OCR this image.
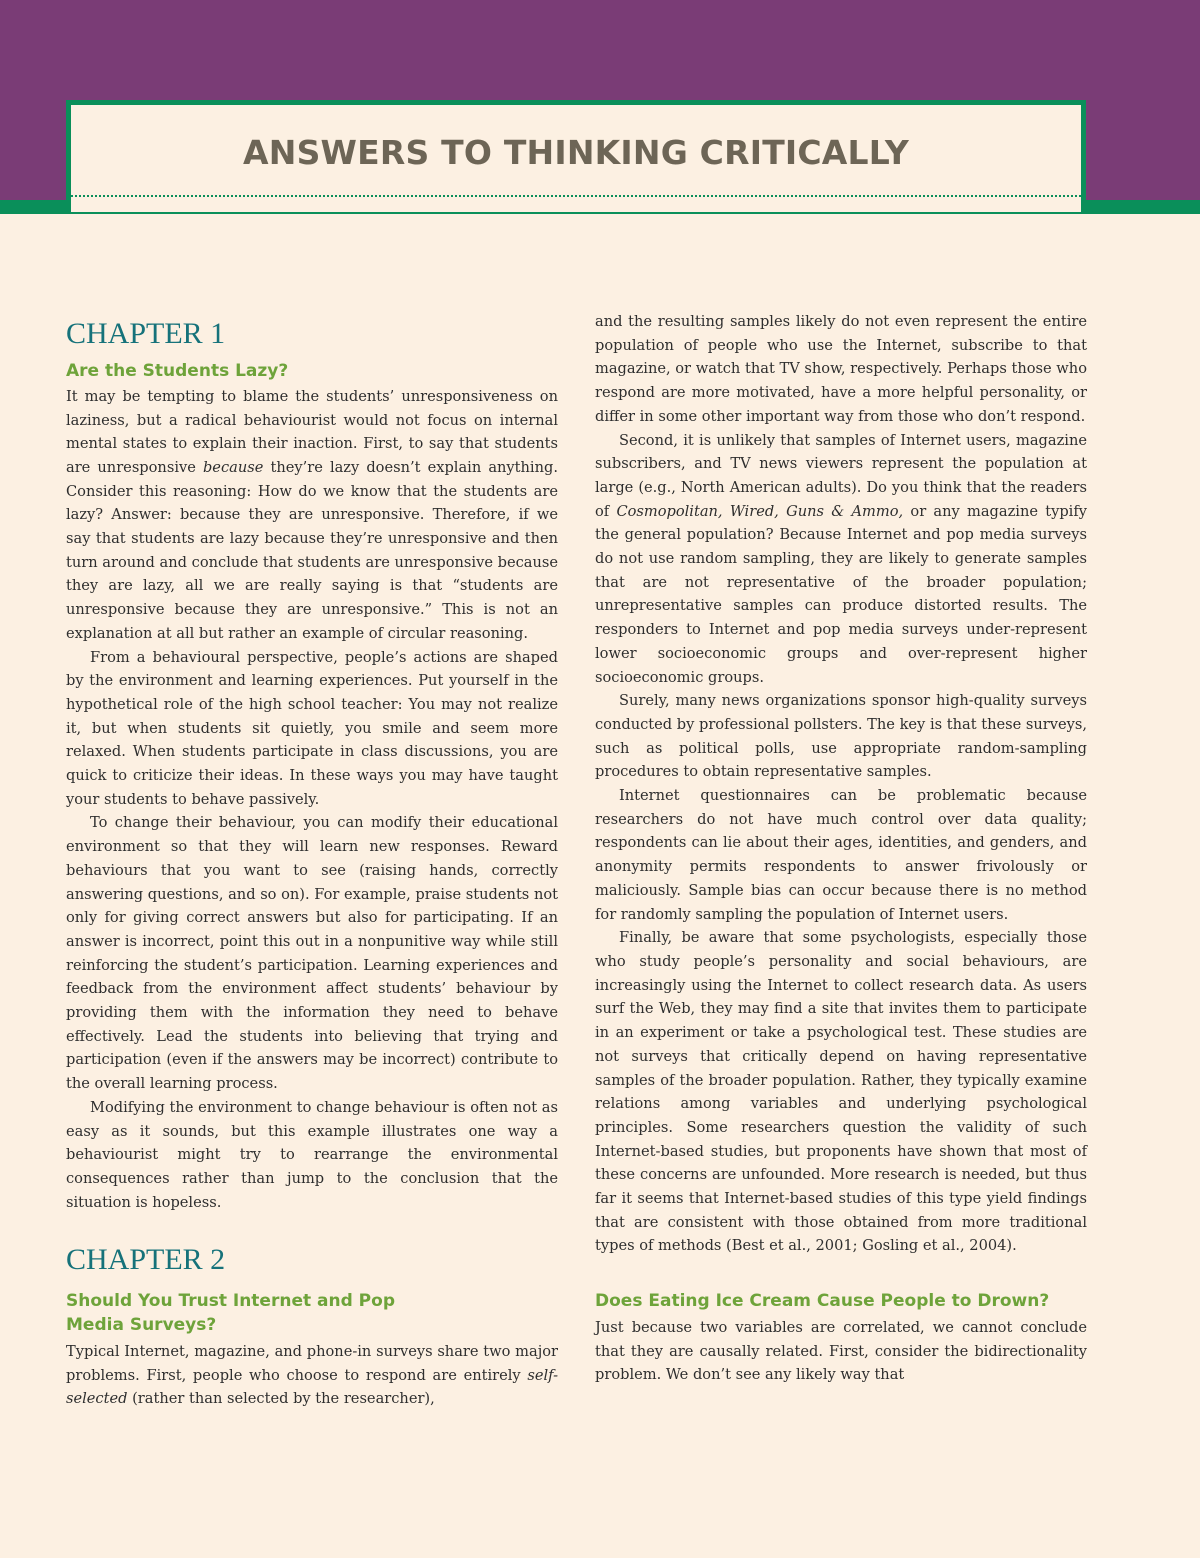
ANSWERS TO THINKING CRITICALLY
CHAPTER 1
Are the Students Lazy?

It may be tempting to blame the students’ unresponsiveness on laziness, but a radical behaviourist would not focus on internal mental states to explain their inaction. First, to say that students are unresponsive because they’re lazy doesn’t explain anything. Consider this reasoning: How do we know that the students are lazy? Answer: because they are unresponsive. Therefore, if we say that students are lazy because they’re unresponsive and then turn around and conclude that students are unresponsive because they are lazy, all we are really saying is that “students are unresponsive because they are unresponsive.” This is not an explanation at all but rather an example of circular reasoning.

From a behavioural perspective, people’s actions are shaped by the environment and learning experiences. Put yourself in the hypothetical role of the high school teacher: You may not realize it, but when students sit quietly, you smile and seem more relaxed. When students participate in class discussions, you are quick to criticize their ideas. In these ways you may have taught your students to behave passively.

To change their behaviour, you can modify their educational environment so that they will learn new responses. Reward behaviours that you want to see (raising hands, correctly answering questions, and so on). For example, praise students not only for giving correct answers but also for participating. If an answer is incorrect, point this out in a nonpunitive way while still reinforcing the student’s participation. Learning experiences and feedback from the environment affect students’ behaviour by providing them with the information they need to behave effectively. Lead the students into believing that trying and participation (even if the answers may be incorrect) contribute to the overall learning process.

Modifying the environment to change behaviour is often not as easy as it sounds, but this example illustrates one way a behaviourist might try to rearrange the environmental consequences rather than jump to the conclusion that the situation is hopeless.

CHAPTER 2
Should You Trust Internet and Pop
Media Surveys?

Typical Internet, magazine, and phone-in surveys share two major problems. First, people who choose to respond are entirely self-selected (rather than selected by the researcher),

and the resulting samples likely do not even represent the entire population of people who use the Internet, subscribe to that magazine, or watch that TV show, respectively. Perhaps those who respond are more motivated, have a more helpful personality, or differ in some other important way from those who don’t respond.

Second, it is unlikely that samples of Internet users, magazine subscribers, and TV news viewers represent the population at large (e.g., North American adults). Do you think that the readers of Cosmopolitan, Wired, Guns & Ammo, or any magazine typify the general population? Because Internet and pop media surveys do not use random sampling, they are likely to generate samples that are not representative of the broader population; unrepresentative samples can produce distorted results. The responders to Internet and pop media surveys under-represent lower socioeconomic groups and over-represent higher socioeconomic groups.

Surely, many news organizations sponsor high-quality surveys conducted by professional pollsters. The key is that these surveys, such as political polls, use appropriate random-sampling procedures to obtain representative samples.

Internet questionnaires can be problematic because researchers do not have much control over data quality; respondents can lie about their ages, identities, and genders, and anonymity permits respondents to answer frivolously or maliciously. Sample bias can occur because there is no method for randomly sampling the population of Internet users.

Finally, be aware that some psychologists, especially those who study people’s personality and social behaviours, are increasingly using the Internet to collect research data. As users surf the Web, they may find a site that invites them to participate in an experiment or take a psychological test. These studies are not surveys that critically depend on having representative samples of the broader population. Rather, they typically examine relations among variables and underlying psychological principles. Some researchers question the validity of such Internet-based studies, but proponents have shown that most of these concerns are unfounded. More research is needed, but thus far it seems that Internet-based studies of this type yield findings that are consistent with those obtained from more traditional types of methods (Best et al., 2001; Gosling et al., 2004).

Does Eating Ice Cream Cause People to Drown?

Just because two variables are correlated, we cannot conclude that they are causally related. First, consider the bidirectionality problem. We don’t see any likely way that
